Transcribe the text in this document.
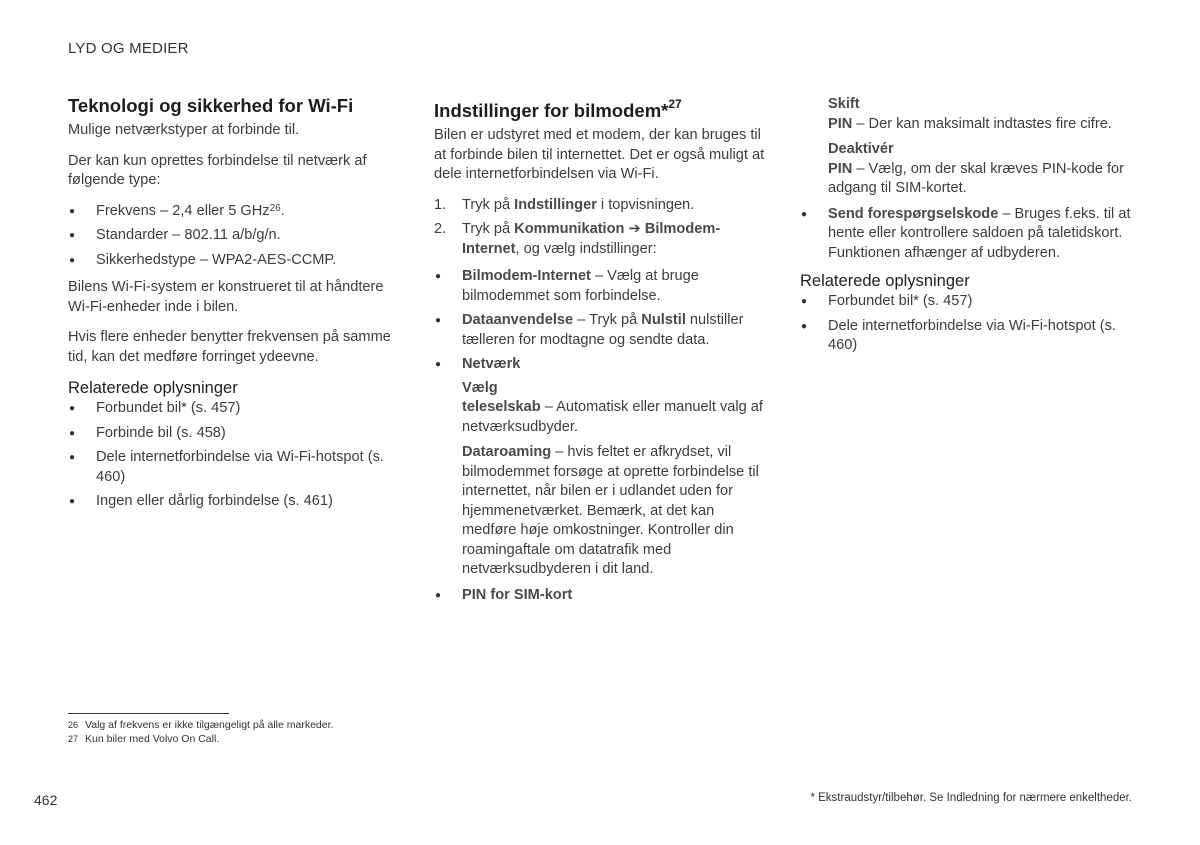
LYD OG MEDIER
Teknologi og sikkerhed for Wi-Fi

Mulige netværkstyper at forbinde til.

Der kan kun oprettes forbindelse til netværk af følgende type:

● Frekvens – 2,4 eller 5 GHz$^{26}$.
● Standarder – 802.11 a/b/g/n.
● Sikkerhedstype – WPA2-AES-CCMP.

Bilens Wi-Fi-system er konstrueret til at håndtere Wi-Fi-enheder inde i bilen.

Hvis flere enheder benytter frekvensen på samme tid, kan det medføre forringet ydeevne.

Relaterede oplysninger
● Forbundet bil* (s. 457)
● Forbinde bil (s. 458)
● Dele internetforbindelse via Wi-Fi-hotspot (s. 460)
● Ingen eller dårlig forbindelse (s. 461)
Indstillinger for bilmodem*$^{27}$

Bilen er udstyret med et modem, der kan bruges til at forbinde bilen til internettet. Det er også muligt at dele internetforbindelsen via Wi-Fi.

1. Tryk på Indstillinger i topvisningen.
2. Tryk på Kommunikation ➔ Bilmodem-Internet, og vælg indstillinger:
● Bilmodem-Internet – Vælg at bruge bilmodemmet som forbindelse.
● Dataanvendelse – Tryk på Nulstil nulstiller tælleren for modtagne og sendte data.
● Netværk

Vælg
teleselskab – Automatisk eller manuelt valg af netværksudbyder.

Dataroaming – hvis feltet er afkrydset, vil bilmodemmet forsøge at oprette forbindelse til internettet, når bilen er i udlandet uden for hjemmenetværket. Bemærk, at det kan medføre høje omkostninger. Kontroller din roamingaftale om datatrafik med netværksudbyderen i dit land.

● PIN for SIM-kort

Skift
PIN – Der kan maksimalt indtastes fire cifre.

Deaktivér
PIN – Vælg, om der skal kræves PIN-kode for adgang til SIM-kortet.

● Send forespørgselskode – Bruges f.eks. til at hente eller kontrollere saldoen på taletidskort. Funktionen afhænger af udbyderen.
Relaterede oplysninger
● Forbundet bil* (s. 457)
● Dele internetforbindelse via Wi-Fi-hotspot (s. 460)
26 Valg af frekvens er ikke tilgængeligt på alle markeder.
27 Kun biler med Volvo On Call.
462	* Ekstraudstyr/tilbehør. Se Indledning for nærmere enkeltheder.
